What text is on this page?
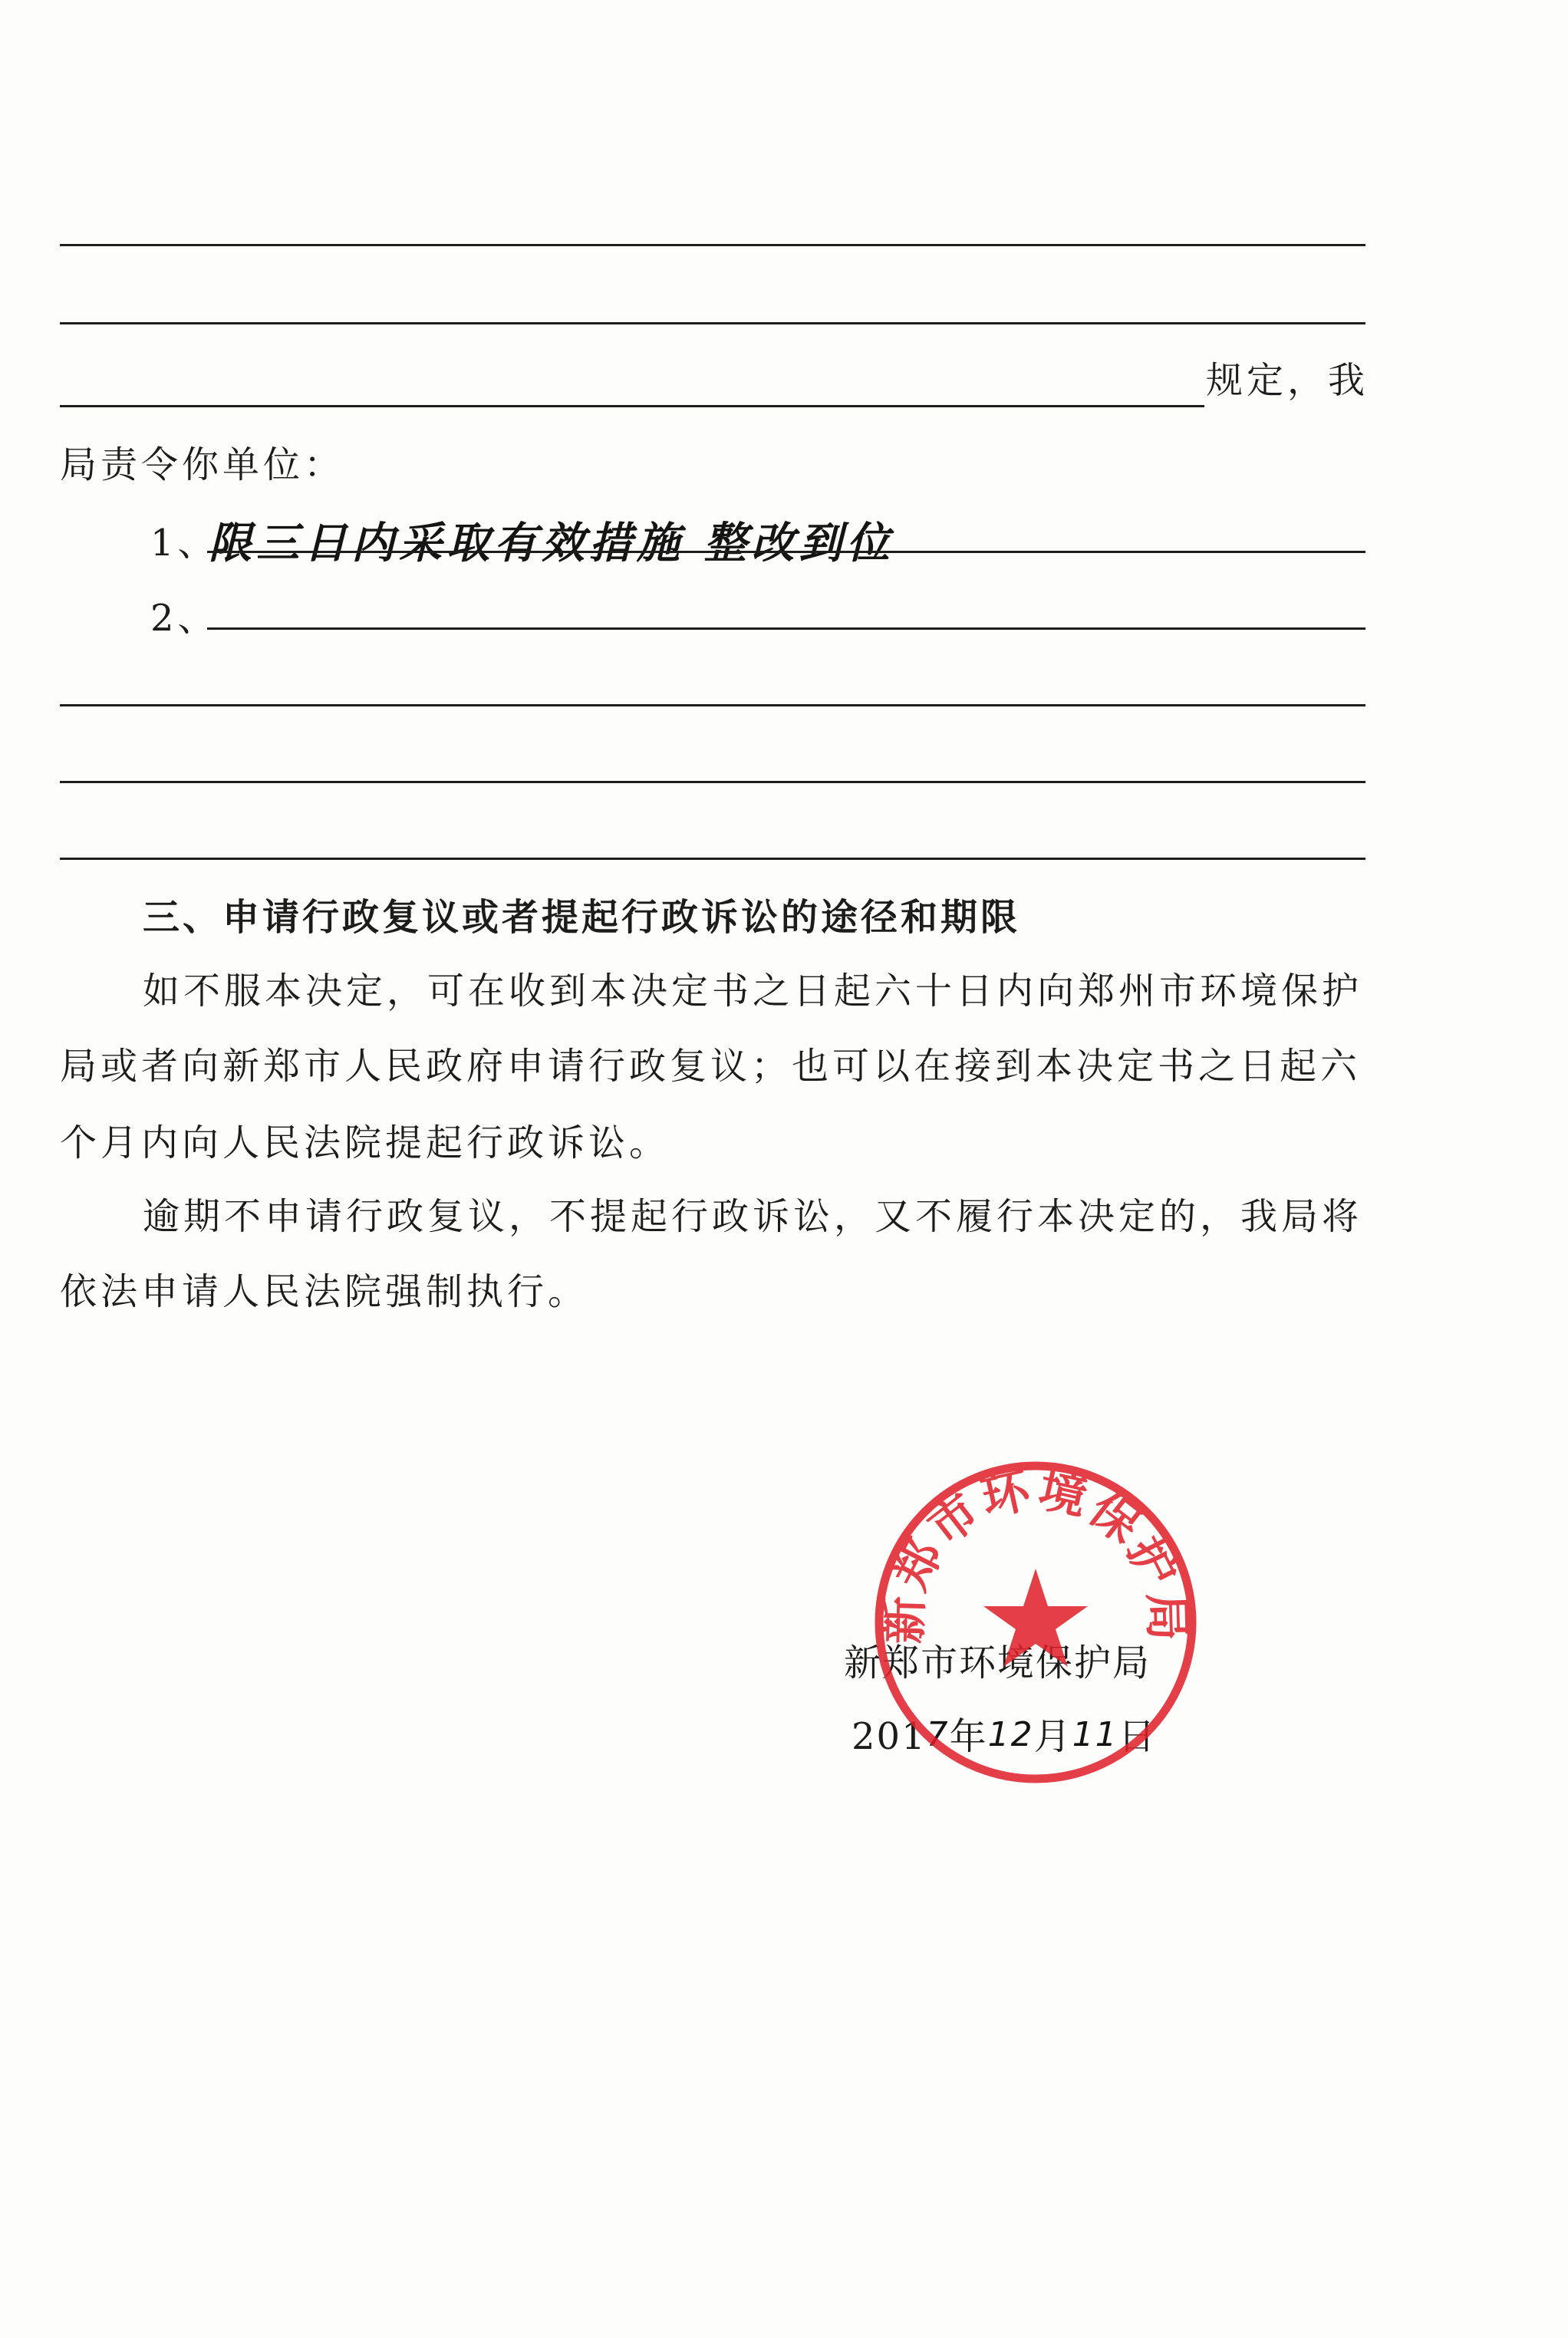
规定，我
局责令你单位：
1、
限三日内采取有效措施 整改到位
2、
三、申请行政复议或者提起行政诉讼的途径和期限
如不服本决定，可在收到本决定书之日起六十日内向郑州市环境保护
局或者向新郑市人民政府申请行政复议；也可以在接到本决定书之日起六
个月内向人民法院提起行政诉讼。
逾期不申请行政复议，不提起行政诉讼，又不履行本决定的，我局将
依法申请人民法院强制执行。
新郑市环境保护局
2017年12月11日
新郑市环境保护局
